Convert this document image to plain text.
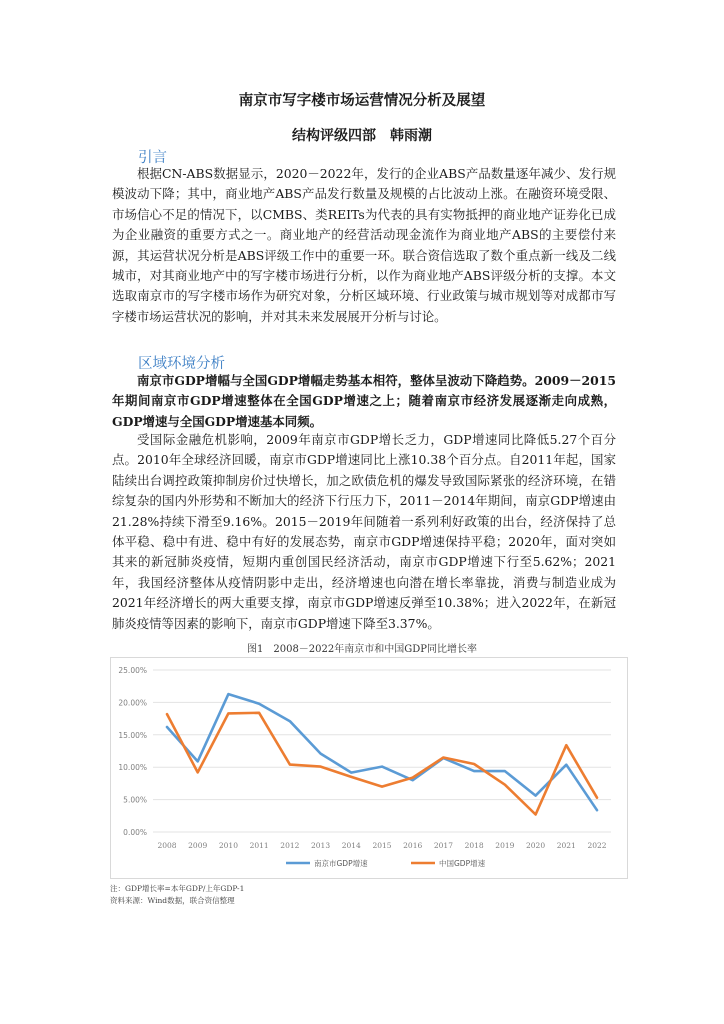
南京市写字楼市场运营情况分析及展望
结构评级四部　韩雨潮
引言

根据CN-ABS数据显示，2020－2022年，发行的企业ABS产品数量逐年减少、发行规模波动下降；其中，商业地产ABS产品发行数量及规模的占比波动上涨。在融资环境受限、市场信心不足的情况下，以CMBS、类REITs为代表的具有实物抵押的商业地产证券化已成为企业融资的重要方式之一。商业地产的经营活动现金流作为商业地产ABS的主要偿付来源，其运营状况分析是ABS评级工作中的重要一环。联合资信选取了数个重点新一线及二线城市，对其商业地产中的写字楼市场进行分析，以作为商业地产ABS评级分析的支撑。本文选取南京市的写字楼市场作为研究对象，分析区域环境、行业政策与城市规划等对成都市写字楼市场运营状况的影响，并对其未来发展展开分析与讨论。

区域环境分析

南京市GDP增幅与全国GDP增幅走势基本相符，整体呈波动下降趋势。2009－2015年期间南京市GDP增速整体在全国GDP增速之上；随着南京市经济发展逐渐走向成熟，GDP增速与全国GDP增速基本同频。

受国际金融危机影响，2009年南京市GDP增长乏力，GDP增速同比降低5.27个百分点。2010年全球经济回暖，南京市GDP增速同比上涨10.38个百分点。自2011年起，国家陆续出台调控政策抑制房价过快增长，加之欧债危机的爆发导致国际紧张的经济环境，在错综复杂的国内外形势和不断加大的经济下行压力下，2011－2014年期间，南京GDP增速由21.28%持续下滑至9.16%。2015－2019年间随着一系列利好政策的出台，经济保持了总体平稳、稳中有进、稳中有好的发展态势，南京市GDP增速保持平稳；2020年，面对突如其来的新冠肺炎疫情，短期内重创国民经济活动，南京市GDP增速下行至5.62%；2021年，我国经济整体从疫情阴影中走出，经济增速也向潜在增长率靠拢，消费与制造业成为2021年经济增长的两大重要支撑，南京市GDP增速反弹至10.38%；进入2022年，在新冠肺炎疫情等因素的影响下，南京市GDP增速下降至3.37%。

图1　2008－2022年南京市和中国GDP同比增长率
0.00%
5.00%
10.00%
15.00%
20.00%
25.00%
2008 2009 2010 2011 2012 2013 2014 2015 2016 2017 2018 2019 2020 2021 2022
南京市GDP增速	中国GDP增速
注：GDP增长率=本年GDP/上年GDP-1
资料来源：Wind数据，联合资信整理
